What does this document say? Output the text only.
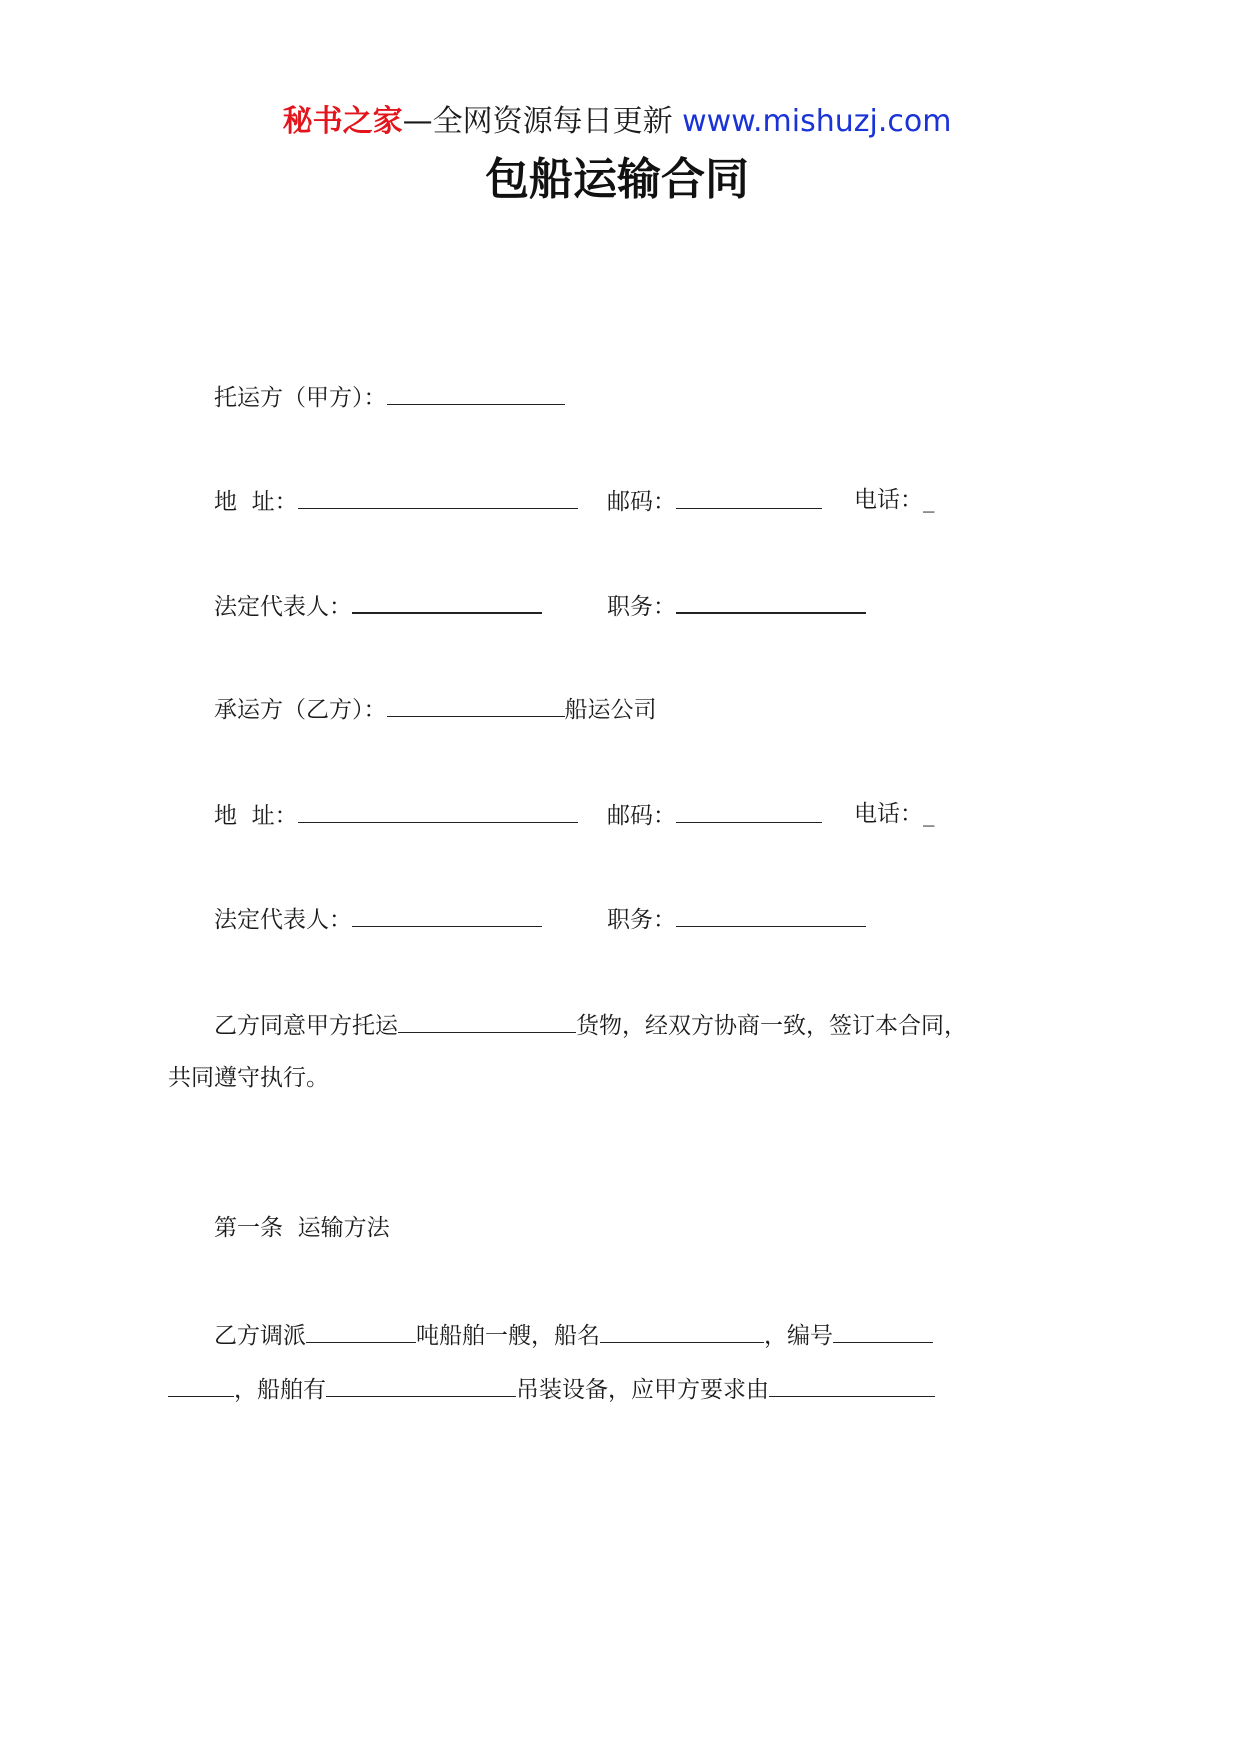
秘书之家—全网资源每日更新 www.mishuzj.com
包船运输合同
托运方（甲方）：
地  址：	邮码：	电话：_
法定代表人：	职务：
承运方（乙方）：	船运公司
地  址：	邮码：	电话：_
法定代表人：	职务：
乙方同意甲方托运	货物，经双方协商一致，签订本合同，
共同遵守执行。
第一条  运输方法
乙方调派	吨船舶一艘，船名	，编号
，船舶有	吊装设备，应甲方要求由
